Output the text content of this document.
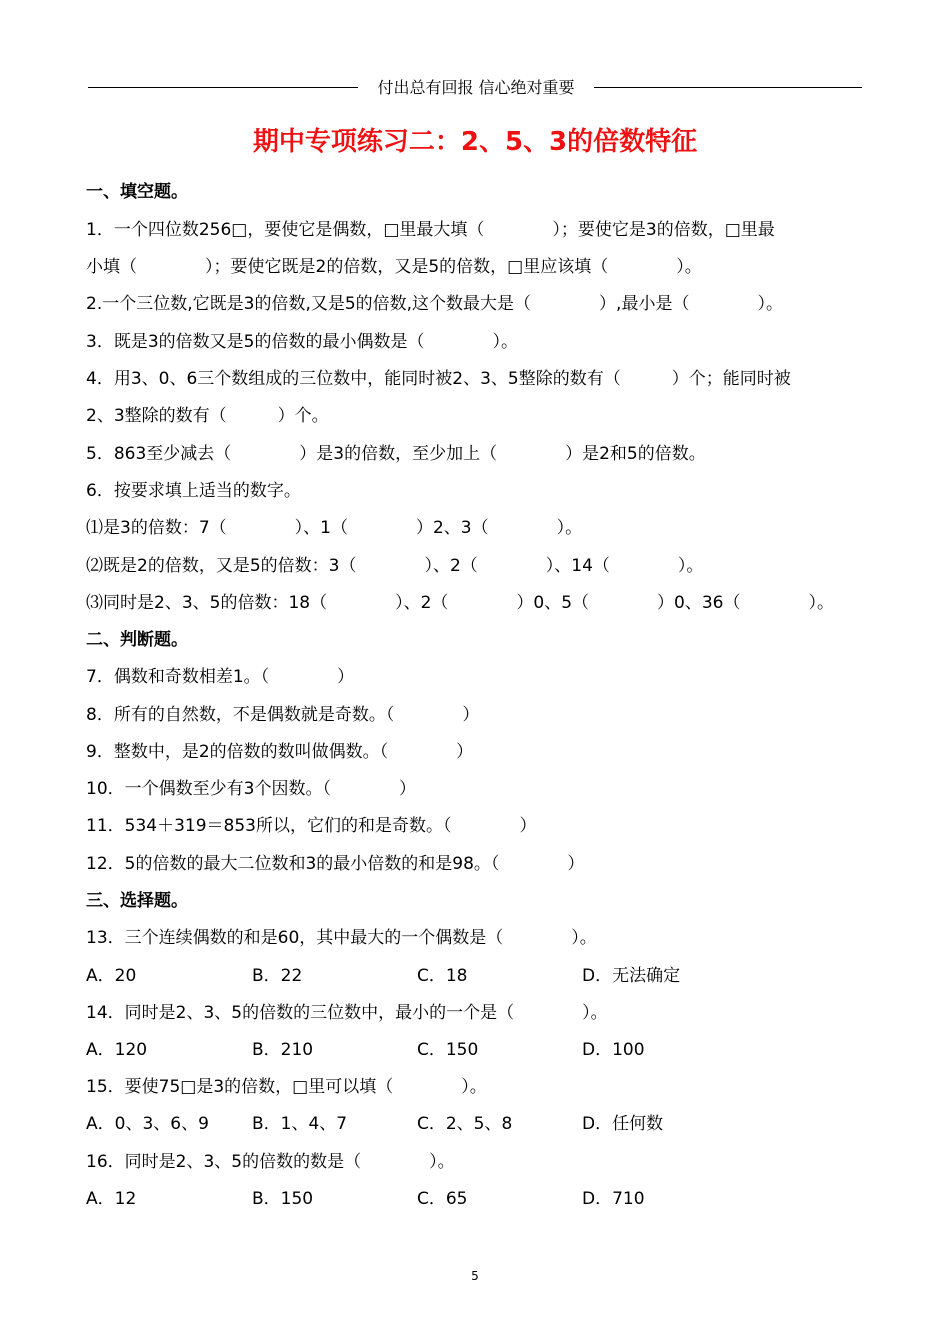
付出总有回报 信心绝对重要
期中专项练习二：2、5、3的倍数特征
一、填空题。
1．一个四位数256□，要使它是偶数，□里最大填（　　　　）；要使它是3的倍数，□里最
小填（　　　　）；要使它既是2的倍数，又是5的倍数，□里应该填（　　　　）。
2.一个三位数,它既是3的倍数,又是5的倍数,这个数最大是（　　　　）,最小是（　　　　）。
3．既是3的倍数又是5的倍数的最小偶数是（　　　　）。
4．用3、0、6三个数组成的三位数中，能同时被2、3、5整除的数有（　　　）个；能同时被
2、3整除的数有（　　　）个。
5．863至少减去（　　　　）是3的倍数，至少加上（　　　　）是2和5的倍数。
6．按要求填上适当的数字。
⑴是3的倍数：7（　　　　）、1（　　　　）2、3（　　　　）。
⑵既是2的倍数，又是5的倍数：3（　　　　）、2（　　　　）、14（　　　　）。
⑶同时是2、3、5的倍数：18（　　　　）、2（　　　　）0、5（　　　　）0、36（　　　　）。
二、判断题。
7．偶数和奇数相差1。（　　　　）
8．所有的自然数，不是偶数就是奇数。（　　　　）
9．整数中，是2的倍数的数叫做偶数。（　　　　）
10．一个偶数至少有3个因数。（　　　　）
11．534＋319＝853所以，它们的和是奇数。（　　　　）
12．5的倍数的最大二位数和3的最小倍数的和是98。（　　　　）
三、选择题。
13．三个连续偶数的和是60，其中最大的一个偶数是（　　　　）。
A．20	B．22	C．18	D．无法确定
14．同时是2、3、5的倍数的三位数中，最小的一个是（　　　　）。
A．120	B．210	C．150	D．100
15．要使75□是3的倍数，□里可以填（　　　　）。
A．0、3、6、9	B．1、4、7	C．2、5、8	D．任何数
16．同时是2、3、5的倍数的数是（　　　　）。
A．12	B．150	C．65	D．710
5
